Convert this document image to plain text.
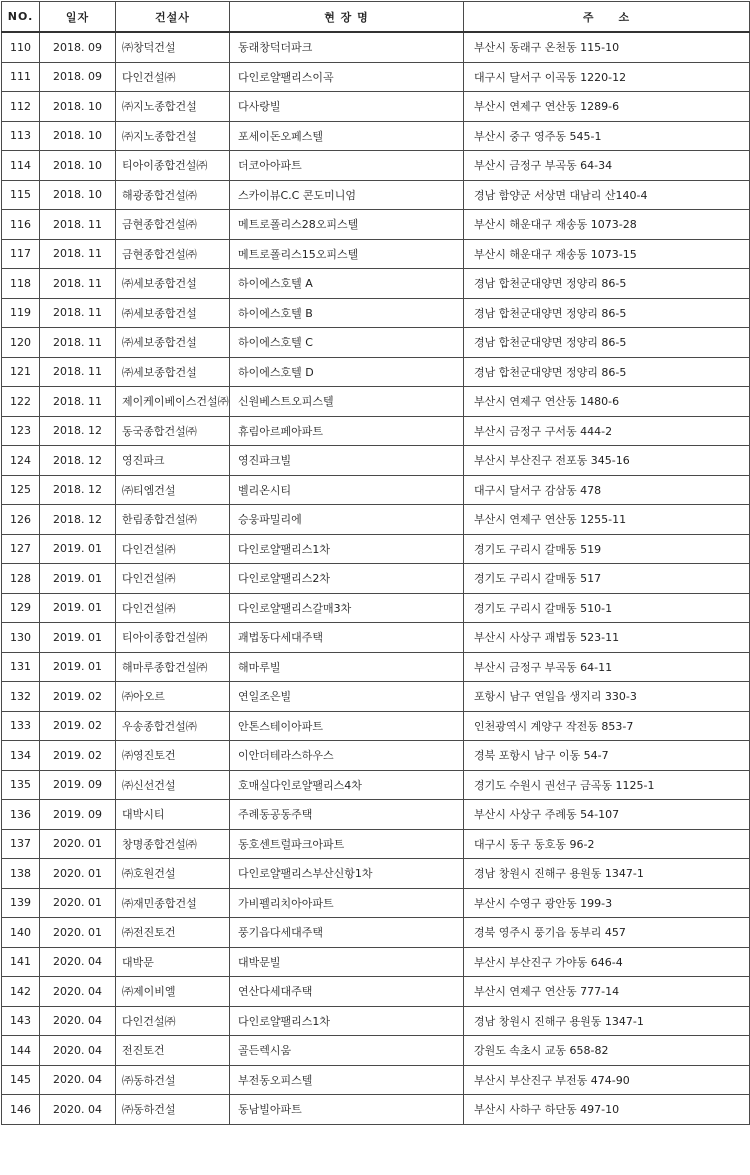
NO.	일자	건설사	현 장 명	주　　소
110	2018. 09	㈜창덕건설	동래창덕더파크	부산시 동래구 온천동 115-10
111	2018. 09	다인건설㈜	다인로얄팰리스이곡	대구시 달서구 이곡동 1220-12
112	2018. 10	㈜지노종합건설	다사랑빌	부산시 연제구 연산동 1289-6
113	2018. 10	㈜지노종합건설	포세이돈오페스텔	부산시 중구 영주동 545-1
114	2018. 10	티아이종합건설㈜	더코아아파트	부산시 금정구 부곡동 64-34
115	2018. 10	해광종합건설㈜	스카이뷰C.C 콘도미니엄	경남 함양군 서상면 대남리 산140-4
116	2018. 11	금현종합건설㈜	메트로폴리스28오피스텔	부산시 해운대구 재송동 1073-28
117	2018. 11	금현종합건설㈜	메트로폴리스15오피스텔	부산시 해운대구 재송동 1073-15
118	2018. 11	㈜세보종합건설	하이에스호텔 A	경남 합천군대양면 정양리 86-5
119	2018. 11	㈜세보종합건설	하이에스호텔 B	경남 합천군대양면 정양리 86-5
120	2018. 11	㈜세보종합건설	하이에스호텔 C	경남 합천군대양면 정양리 86-5
121	2018. 11	㈜세보종합건설	하이에스호텔 D	경남 합천군대양면 정양리 86-5
122	2018. 11	제이케이베이스건설㈜	신원베스트오피스텔	부산시 연제구 연산동 1480-6
123	2018. 12	동국종합건설㈜	휴림아르페아파트	부산시 금정구 구서동 444-2
124	2018. 12	영진파크	영진파크빌	부산시 부산진구 전포동 345-16
125	2018. 12	㈜티엠건설	벨리온시티	대구시 달서구 감삼동 478
126	2018. 12	한림종합건설㈜	승웅파밀리에	부산시 연제구 연산동 1255-11
127	2019. 01	다인건설㈜	다인로얄팰리스1차	경기도 구리시 갈매동 519
128	2019. 01	다인건설㈜	다인로얄팰리스2차	경기도 구리시 갈매동 517
129	2019. 01	다인건설㈜	다인로얄팰리스갈매3차	경기도 구리시 갈매동 510-1
130	2019. 01	티아이종합건설㈜	괘법동다세대주택	부산시 사상구 괘법동 523-11
131	2019. 01	해마루종합건설㈜	해마루빌	부산시 금정구 부곡동 64-11
132	2019. 02	㈜아오르	연일조은빌	포항시 남구 연일읍 생지리 330-3
133	2019. 02	우송종합건설㈜	안톤스테이아파트	인천광역시 계양구 작전동 853-7
134	2019. 02	㈜영진토건	이안더테라스하우스	경북 포항시 남구 이동 54-7
135	2019. 09	㈜신선건설	호매실다인로얄팰리스4차	경기도 수원시 권선구 금곡동 1125-1
136	2019. 09	대박시티	주례동공동주택	부산시 사상구 주례동 54-107
137	2020. 01	창명종합건설㈜	동호센트럴파크아파트	대구시 동구 동호동 96-2
138	2020. 01	㈜호원건설	다인로얄팰리스부산신항1차	경남 창원시 진해구 용원동 1347-1
139	2020. 01	㈜재민종합건설	가비펠리치아아파트	부산시 수영구 광안동 199-3
140	2020. 01	㈜전진토건	풍기읍다세대주택	경북 영주시 풍기읍 동부리 457
141	2020. 04	대박문	대박문빌	부산시 부산진구 가야동 646-4
142	2020. 04	㈜제이비엘	연산다세대주택	부산시 연제구 연산동 777-14
143	2020. 04	다인건설㈜	다인로얄팰리스1차	경남 창원시 진해구 용원동 1347-1
144	2020. 04	전진토건	골든렉시움	강원도 속초시 교동 658-82
145	2020. 04	㈜동하건설	부전동오피스텔	부산시 부산진구 부전동 474-90
146	2020. 04	㈜동하건설	동남빌아파트	부산시 사하구 하단동 497-10
